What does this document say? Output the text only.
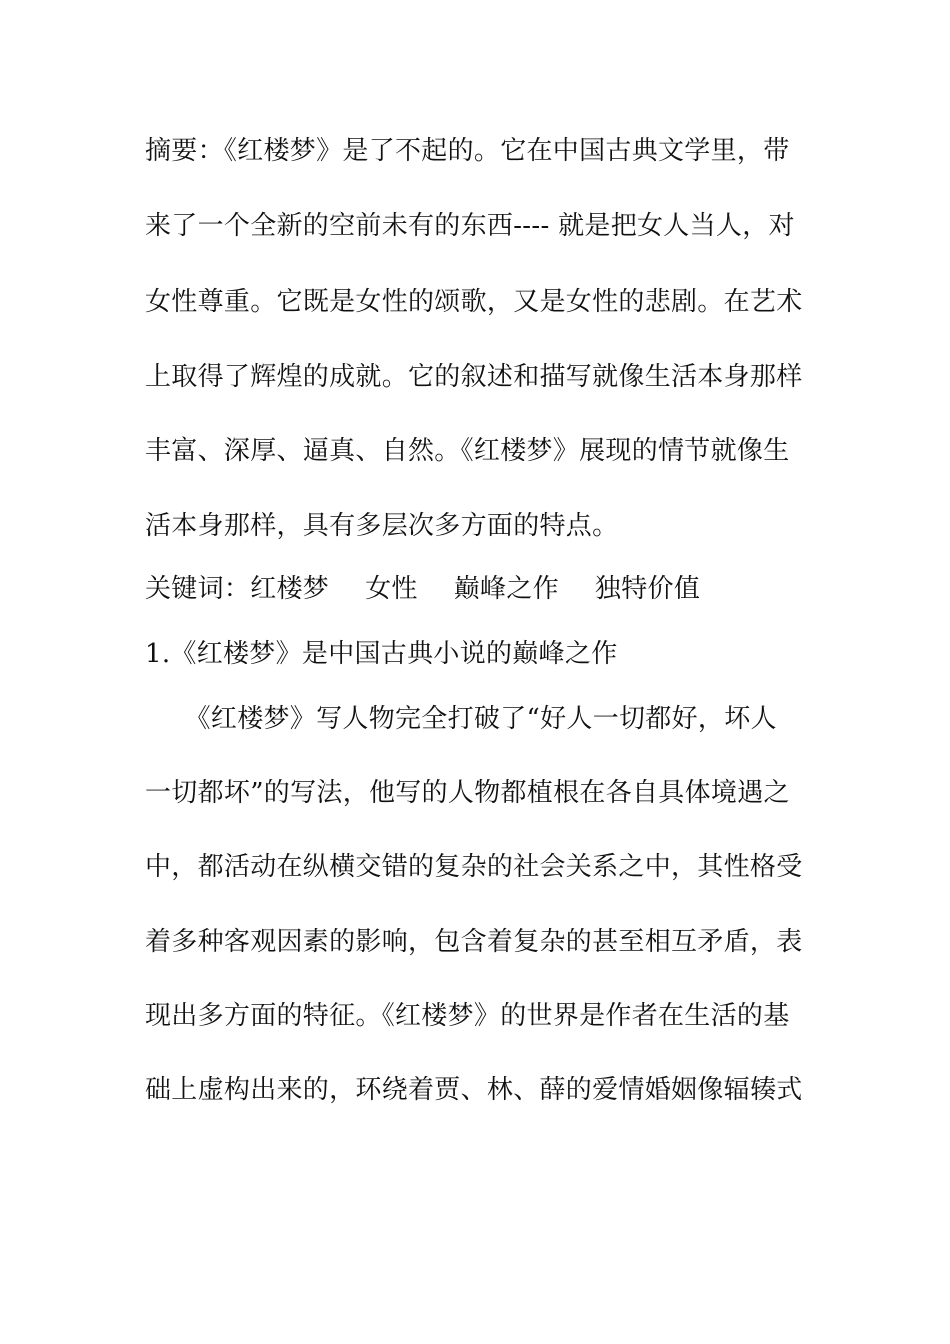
摘要：《红楼梦》是了不起的。它在中国古典文学里，带
来了一个全新的空前未有的东西---- 就是把女人当人，对
女性尊重。它既是女性的颂歌，又是女性的悲剧。在艺术
上取得了辉煌的成就。它的叙述和描写就像生活本身那样
丰富、深厚、逼真、自然。《红楼梦》展现的情节就像生
活本身那样，具有多层次多方面的特点。
关键词：红楼梦 女性 巅峰之作 独特价值
1.《红楼梦》是中国古典小说的巅峰之作
　　《红楼梦》写人物完全打破了“好人一切都好，坏人
一切都坏”的写法，他写的人物都植根在各自具体境遇之
中，都活动在纵横交错的复杂的社会关系之中，其性格受
着多种客观因素的影响，包含着复杂的甚至相互矛盾，表
现出多方面的特征。《红楼梦》的世界是作者在生活的基
础上虚构出来的，环绕着贾、林、薛的爱情婚姻像辐辏式
